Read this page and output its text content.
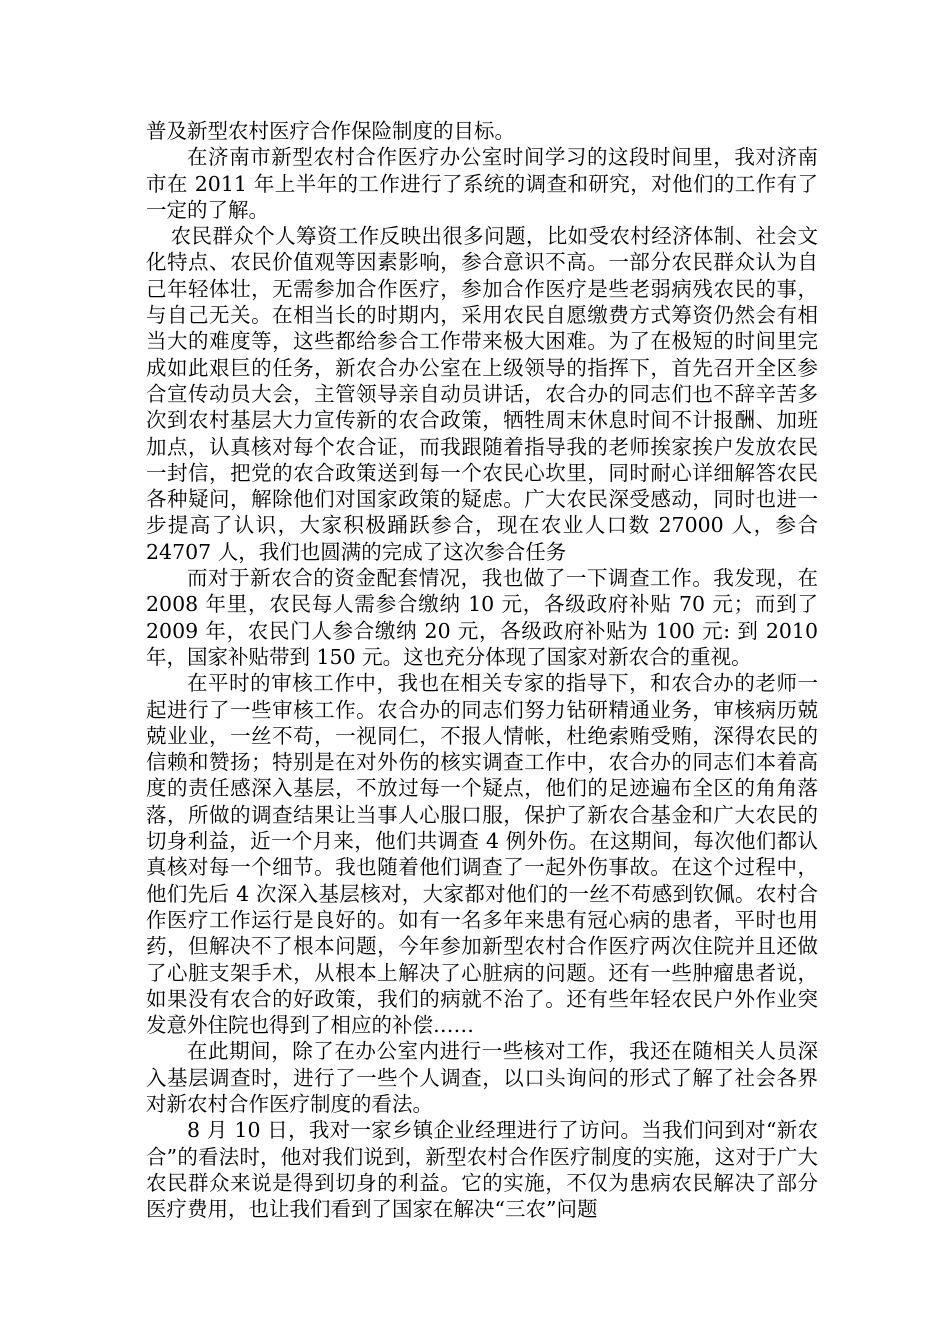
普及新型农村医疗合作保险制度的目标。

在济南市新型农村合作医疗办公室时间学习的这段时间里，我对济南市在 2011 年上半年的工作进行了系统的调查和研究，对他们的工作有了一定的了解。

农民群众个人筹资工作反映出很多问题，比如受农村经济体制、社会文化特点、农民价值观等因素影响，参合意识不高。一部分农民群众认为自己年轻体壮，无需参加合作医疗，参加合作医疗是些老弱病残农民的事，与自己无关。在相当长的时期内，采用农民自愿缴费方式筹资仍然会有相当大的难度等，这些都给参合工作带来极大困难。为了在极短的时间里完成如此艰巨的任务，新农合办公室在上级领导的指挥下，首先召开全区参合宣传动员大会，主管领导亲自动员讲话，农合办的同志们也不辞辛苦多次到农村基层大力宣传新的农合政策，牺牲周末休息时间不计报酬、加班加点，认真核对每个农合证，而我跟随着指导我的老师挨家挨户发放农民一封信，把党的农合政策送到每一个农民心坎里，同时耐心详细解答农民各种疑问，解除他们对国家政策的疑虑。广大农民深受感动，同时也进一步提高了认识，大家积极踊跃参合，现在农业人口数 27000 人，参合 24707 人，我们也圆满的完成了这次参合任务

而对于新农合的资金配套情况，我也做了一下调查工作。我发现，在 2008 年里，农民每人需参合缴纳 10 元，各级政府补贴 70 元；而到了 2009 年，农民门人参合缴纳 20 元，各级政府补贴为 100 元: 到 2010 年，国家补贴带到 150 元。这也充分体现了国家对新农合的重视。

在平时的审核工作中，我也在相关专家的指导下，和农合办的老师一起进行了一些审核工作。农合办的同志们努力钻研精通业务，审核病历兢兢业业，一丝不苟，一视同仁，不报人情帐，杜绝索贿受贿，深得农民的信赖和赞扬；特别是在对外伤的核实调查工作中，农合办的同志们本着高度的责任感深入基层，不放过每一个疑点，他们的足迹遍布全区的角角落落，所做的调查结果让当事人心服口服，保护了新农合基金和广大农民的切身利益，近一个月来，他们共调查 4 例外伤。在这期间，每次他们都认真核对每一个细节。我也随着他们调查了一起外伤事故。在这个过程中，他们先后 4 次深入基层核对，大家都对他们的一丝不苟感到钦佩。农村合作医疗工作运行是良好的。如有一名多年来患有冠心病的患者，平时也用药，但解决不了根本问题，今年参加新型农村合作医疗两次住院并且还做了心脏支架手术，从根本上解决了心脏病的问题。还有一些肿瘤患者说，如果没有农合的好政策，我们的病就不治了。还有些年轻农民户外作业突发意外住院也得到了相应的补偿……

在此期间，除了在办公室内进行一些核对工作，我还在随相关人员深入基层调查时，进行了一些个人调查，以口头询问的形式了解了社会各界对新农村合作医疗制度的看法。

8 月 10 日，我对一家乡镇企业经理进行了访问。当我们问到对“新农合”的看法时，他对我们说到，新型农村合作医疗制度的实施，这对于广大农民群众来说是得到切身的利益。它的实施，不仅为患病农民解决了部分医疗费用，也让我们看到了国家在解决“三农”问题
